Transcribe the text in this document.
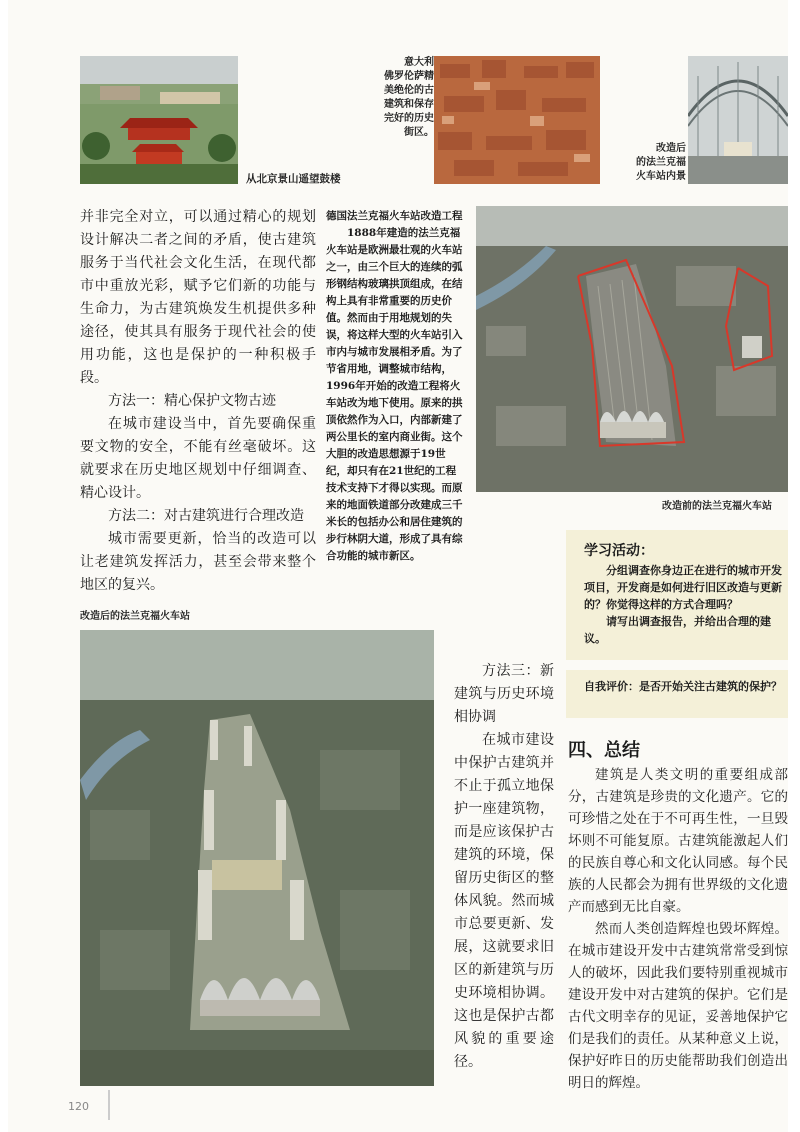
从北京景山遥望鼓楼
意大利
佛罗伦萨精
美绝伦的古
建筑和保存
完好的历史
街区。
改造后
的法兰克福
火车站内景

并非完全对立，可以通过精心的规划设计解决二者之间的矛盾，使古建筑服务于当代社会文化生活，在现代都市中重放光彩，赋予它们新的功能与生命力，为古建筑焕发生机提供多种途径，使其具有服务于现代社会的使用功能，这也是保护的一种积极手段。

方法一：精心保护文物古迹

在城市建设当中，首先要确保重要文物的安全，不能有丝毫破坏。这就要求在历史地区规划中仔细调查、精心设计。

方法二：对古建筑进行合理改造

城市需要更新，恰当的改造可以让老建筑发挥活力，甚至会带来整个地区的复兴。

德国法兰克福火车站改造工程

1888年建造的法兰克福火车站是欧洲最壮观的火车站之一，由三个巨大的连续的弧形钢结构玻璃拱顶组成，在结构上具有非常重要的历史价值。然而由于用地规划的失误，将这样大型的火车站引入市内与城市发展相矛盾。为了节省用地，调整城市结构，1996年开始的改造工程将火车站改为地下使用。原来的拱顶依然作为入口，内部新建了两公里长的室内商业街。这个大胆的改造思想源于19世纪，却只有在21世纪的工程技术支持下才得以实现。而原来的地面铁道部分改建成三千米长的包括办公和居住建筑的步行林阴大道，形成了具有综合功能的城市新区。

改造前的法兰克福火车站
学习活动：

分组调查你身边正在进行的城市开发项目，开发商是如何进行旧区改造与更新的？你觉得这样的方式合理吗？

请写出调查报告，并给出合理的建议。

自我评价：是否开始关注古建筑的保护？
四、总结

建筑是人类文明的重要组成部分，古建筑是珍贵的文化遗产。它的可珍惜之处在于不可再生性，一旦毁坏则不可能复原。古建筑能激起人们的民族自尊心和文化认同感。每个民族的人民都会为拥有世界级的文化遗产而感到无比自豪。

然而人类创造辉煌也毁坏辉煌。在城市建设开发中古建筑常常受到惊人的破坏，因此我们要特别重视城市建设开发中对古建筑的保护。它们是古代文明幸存的见证，妥善地保护它们是我们的责任。从某种意义上说，保护好昨日的历史能帮助我们创造出明日的辉煌。

改造后的法兰克福火车站

方法三：新建筑与历史环境相协调

在城市建设中保护古建筑并不止于孤立地保护一座建筑物，而是应该保护古建筑的环境，保留历史街区的整体风貌。然而城市总要更新、发展，这就要求旧区的新建筑与历史环境相协调。这也是保护古都风貌的重要途径。

120
